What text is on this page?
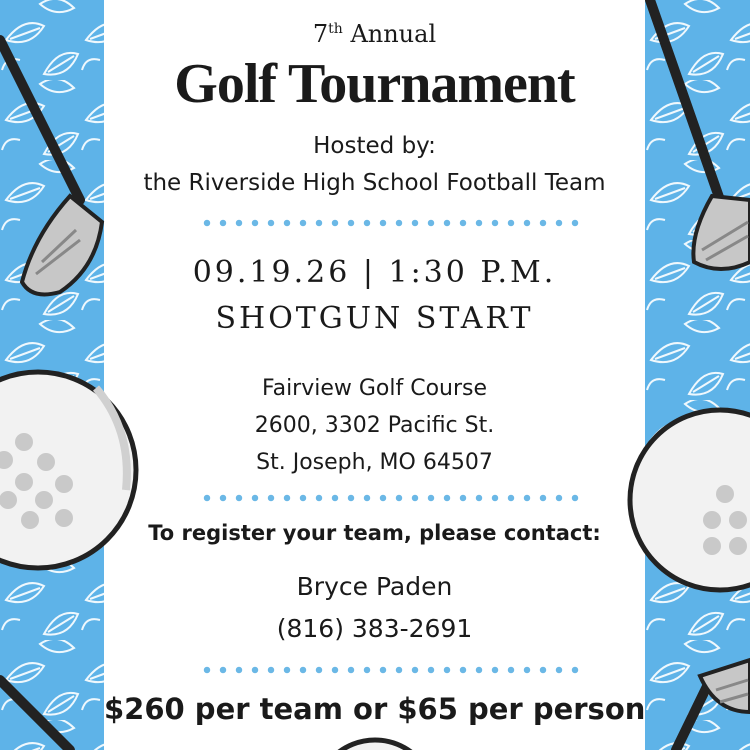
7th Annual
Golf Tournament
Hosted by:
the Riverside High School Football Team
09.19.26 | 1:30 P.M.
SHOTGUN START
Fairview Golf Course
2600, 3302 Pacific St.
St. Joseph, MO 64507
To register your team, please contact:
Bryce Paden
(816) 383-2691
$260 per team or $65 per person
